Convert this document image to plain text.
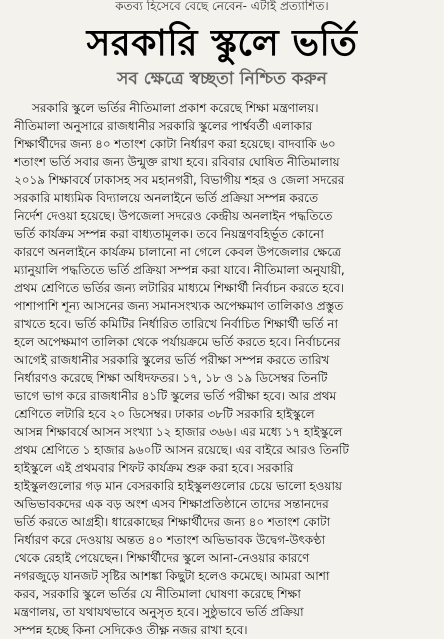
কতব্য হিসেবে বেছে নেবেন- এটাই প্রত্যাশিত।
সরকারি স্কুলে ভর্তি
সব ক্ষেত্রে স্বচ্ছতা নিশ্চিত করুন
সরকারি স্কুলে ভর্তির নীতিমালা প্রকাশ করেছে শিক্ষা মন্ত্রণালয়।
নীতিমালা অনুসারে রাজধানীর সরকারি স্কুলের পার্শ্ববর্তী এলাকার
শিক্ষার্থীদের জন্য ৪০ শতাংশ কোটা নির্ধারণ করা হয়েছে। বাদবাকি ৬০
শতাংশ ভর্তি সবার জন্য উন্মুক্ত রাখা হবে। রবিবার ঘোষিত নীতিমালায়
২০১৯ শিক্ষাবর্ষে ঢাকাসহ সব মহানগরী, বিভাগীয় শহর ও জেলা সদরের
সরকারি মাধ্যমিক বিদ্যালয়ে অনলাইনে ভর্তি প্রক্রিয়া সম্পন্ন করতে
নির্দেশ দেওয়া হয়েছে। উপজেলা সদরেও কেন্দ্রীয় অনলাইন পদ্ধতিতে
ভর্তি কার্যক্রম সম্পন্ন করা বাধ্যতামূলক। তবে নিয়ন্ত্রণবহির্ভূত কোনো
কারণে অনলাইনে কার্যক্রম চালানো না গেলে কেবল উপজেলার ক্ষেত্রে
ম্যানুয়ালি পদ্ধতিতে ভর্তি প্রক্রিয়া সম্পন্ন করা যাবে। নীতিমালা অনুযায়ী,
প্রথম শ্রেণিতে ভর্তির জন্য লটারির মাধ্যমে শিক্ষার্থী নির্বাচন করতে হবে।
পাশাপাশি শূন্য আসনের জন্য সমানসংখ্যক অপেক্ষমাণ তালিকাও প্রস্তুত
রাখতে হবে। ভর্তি কমিটির নির্ধারিত তারিখে নির্বাচিত শিক্ষার্থী ভর্তি না
হলে অপেক্ষমাণ তালিকা থেকে পর্যায়ক্রমে ভর্তি করতে হবে। নির্বাচনের
আগেই রাজধানীর সরকারি স্কুলের ভর্তি পরীক্ষা সম্পন্ন করতে তারিখ
নির্ধারণও করেছে শিক্ষা অধিদফতর। ১৭, ১৮ ও ১৯ ডিসেম্বর তিনটি
ভাগে ভাগ করে রাজধানীর ৪১টি স্কুলের ভর্তি পরীক্ষা হবে। আর প্রথম
শ্রেণিতে লটারি হবে ২০ ডিসেম্বর। ঢাকার ৩৮টি সরকারি হাইস্কুলে
আসন্ন শিক্ষাবর্ষে আসন সংখ্যা ১২ হাজার ৩৬৬। এর মধ্যে ১৭ হাইস্কুলে
প্রথম শ্রেণিতে ১ হাজার ৯৬০টি আসন রয়েছে। এর বাইরে আরও তিনটি
হাইস্কুলে এই প্রথমবার শিফট কার্যক্রম শুরু করা হবে। সরকারি
হাইস্কুলগুলোর গড় মান বেসরকারি হাইস্কুলগুলোর চেয়ে ভালো হওয়ায়
অভিভাবকদের এক বড় অংশ এসব শিক্ষাপ্রতিষ্ঠানে তাদের সন্তানদের
ভর্তি করতে আগ্রহী। ধারেকাছের শিক্ষার্থীদের জন্য ৪০ শতাংশ কোটা
নির্ধারণ করে দেওয়ায় অন্তত ৪০ শতাংশ অভিভাবক উদ্বেগ-উৎকণ্ঠা
থেকে রেহাই পেয়েছেন। শিক্ষার্থীদের স্কুলে আনা-নেওয়ার কারণে
নগরজুড়ে যানজট সৃষ্টির আশঙ্কা কিছুটা হলেও কমেছে। আমরা আশা
করব, সরকারি স্কুলে ভর্তির যে নীতিমালা ঘোষণা করেছে শিক্ষা
মন্ত্রণালয়, তা যথাযথভাবে অনুসৃত হবে। সুষ্ঠুভাবে ভর্তি প্রক্রিয়া
সম্পন্ন হচ্ছে কিনা সেদিকেও তীক্ষ্ণ নজর রাখা হবে।
